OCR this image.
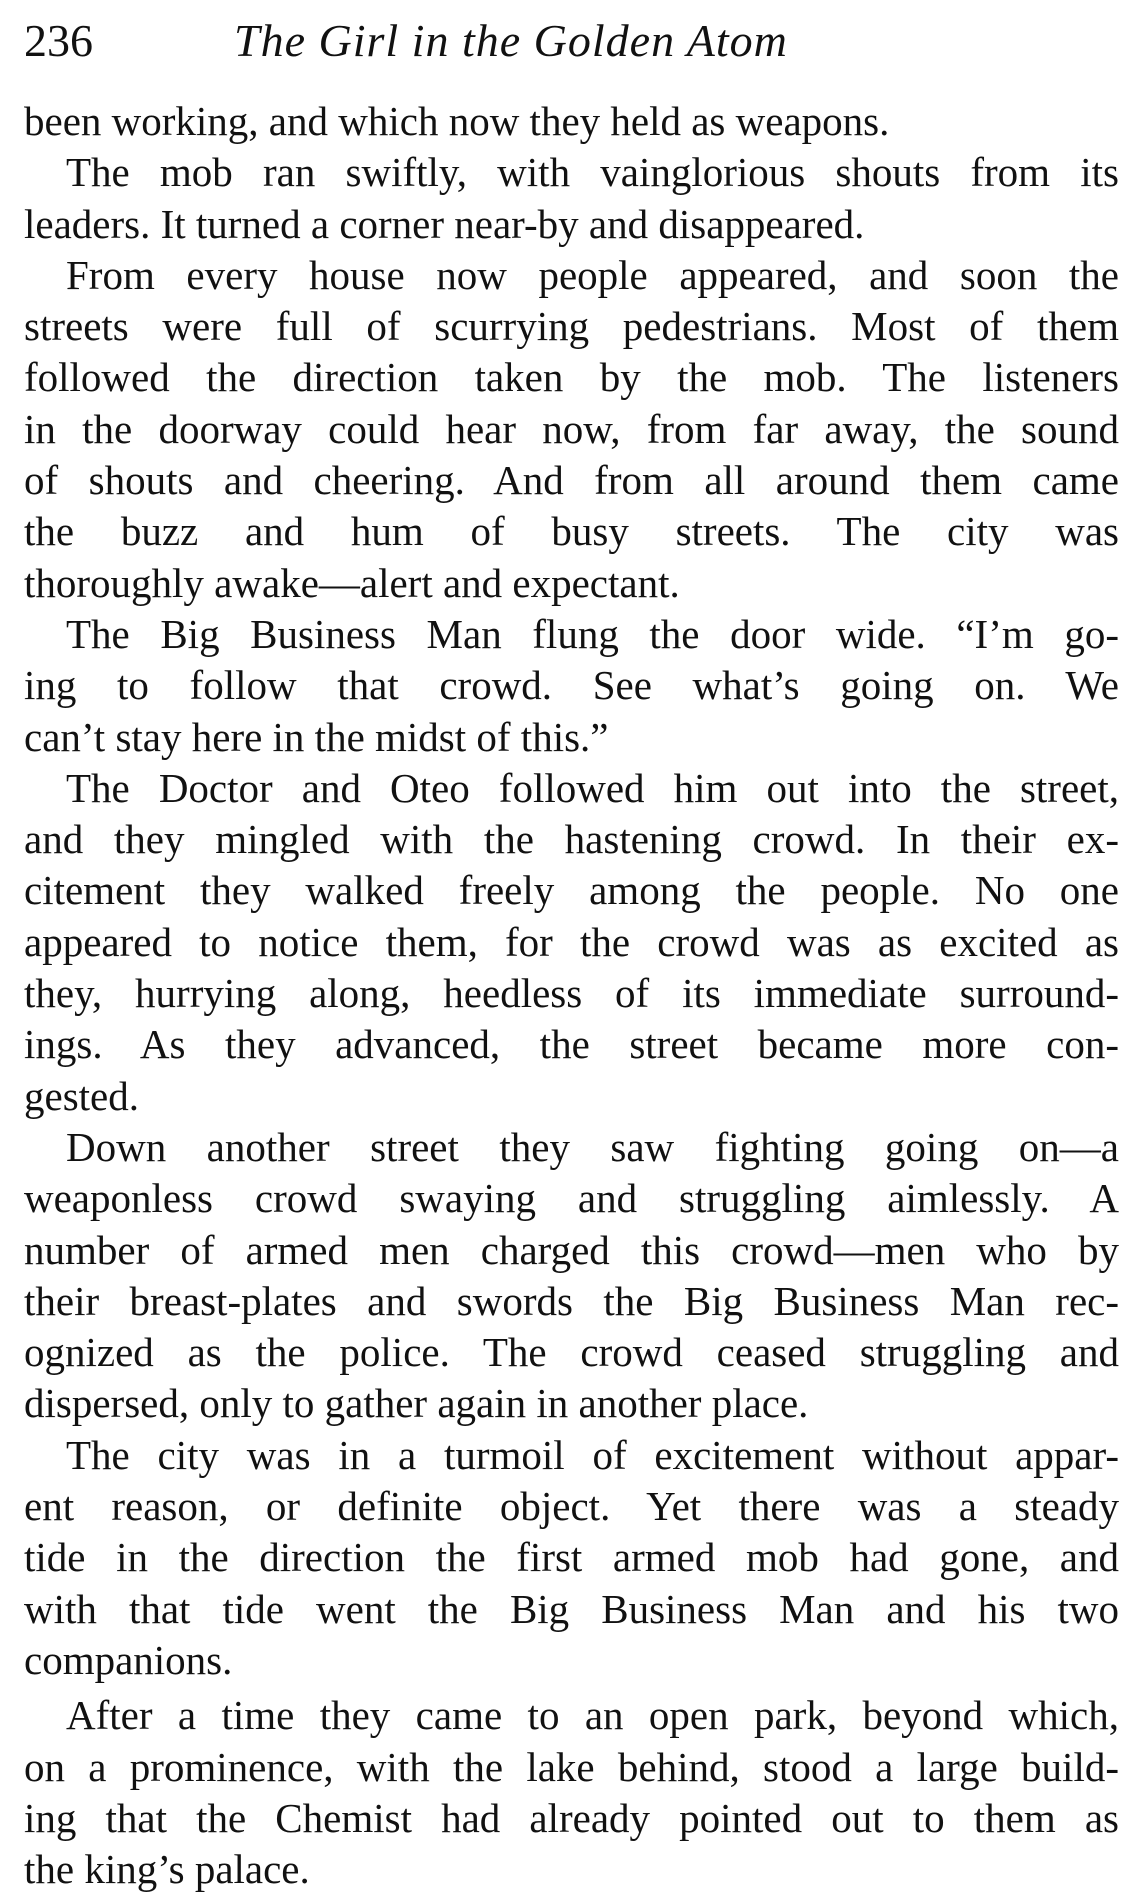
236	The Girl in the Golden Atom
been working, and which now they held as weapons.
The mob ran swiftly, with vainglorious shouts from its
leaders. It turned a corner near-by and disappeared.
From every house now people appeared, and soon the
streets were full of scurrying pedestrians. Most of them
followed the direction taken by the mob. The listeners
in the doorway could hear now, from far away, the sound
of shouts and cheering. And from all around them came
the buzz and hum of busy streets. The city was
thoroughly awake—alert and expectant.
The Big Business Man flung the door wide. “I’m go-
ing to follow that crowd. See what’s going on. We
can’t stay here in the midst of this.”
The Doctor and Oteo followed him out into the street,
and they mingled with the hastening crowd. In their ex-
citement they walked freely among the people. No one
appeared to notice them, for the crowd was as excited as
they, hurrying along, heedless of its immediate surround-
ings. As they advanced, the street became more con-
gested.
Down another street they saw fighting going on—a
weaponless crowd swaying and struggling aimlessly. A
number of armed men charged this crowd—men who by
their breast-plates and swords the Big Business Man rec-
ognized as the police. The crowd ceased struggling and
dispersed, only to gather again in another place.
The city was in a turmoil of excitement without appar-
ent reason, or definite object. Yet there was a steady
tide in the direction the first armed mob had gone, and
with that tide went the Big Business Man and his two
companions.
After a time they came to an open park, beyond which,
on a prominence, with the lake behind, stood a large build-
ing that the Chemist had already pointed out to them as
the king’s palace.
